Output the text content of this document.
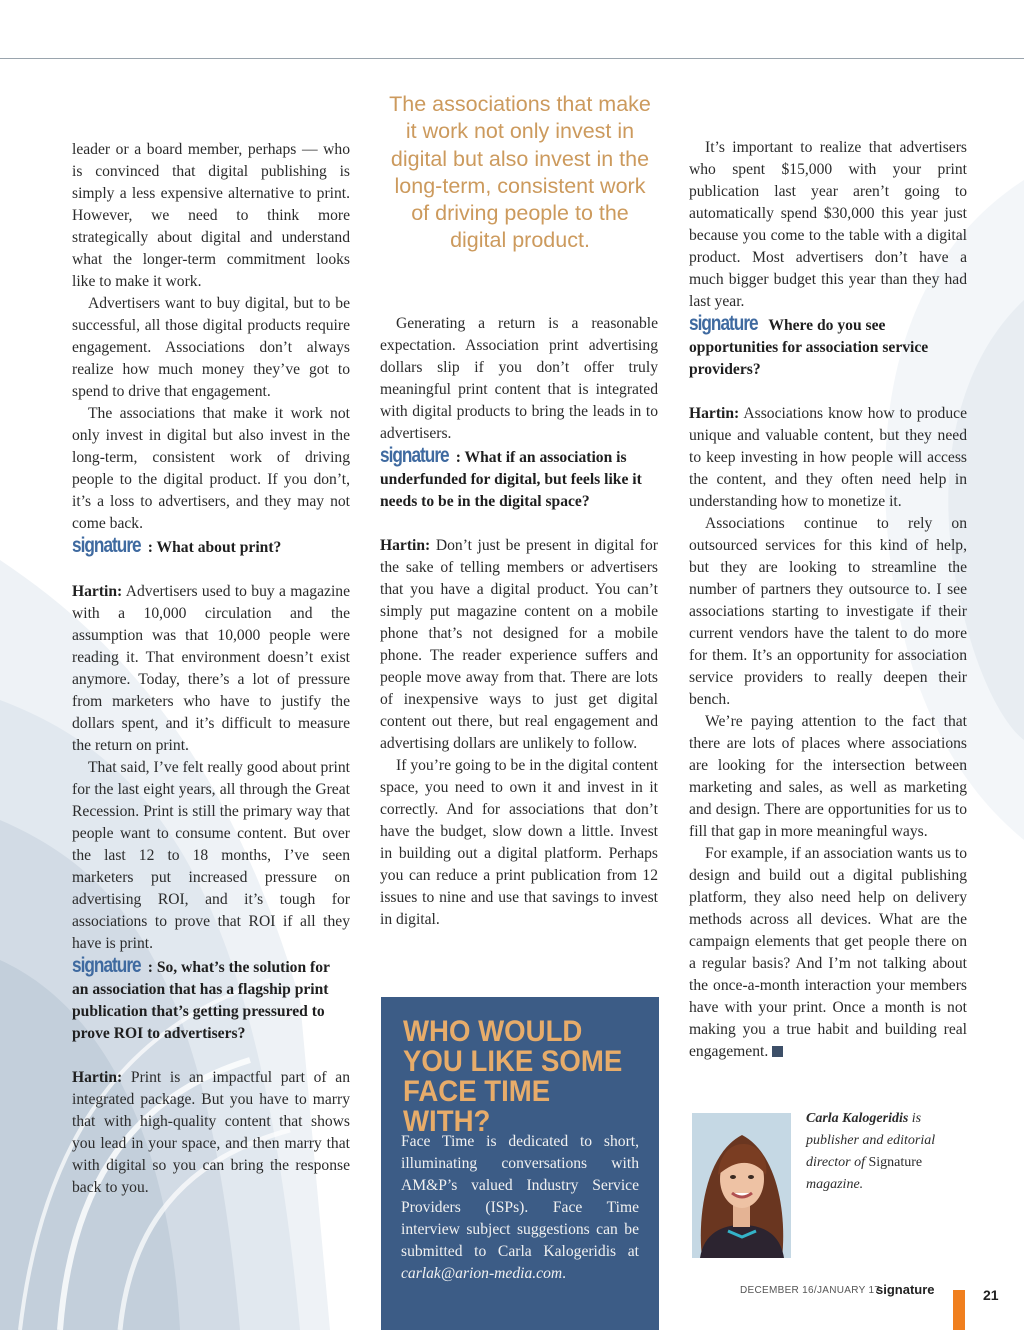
The associations that make it work not only invest in digital but also invest in the long-term, consistent work of driving people to the digital product.

leader or a board member, perhaps — who is convinced that digital publishing is simply a less expensive alternative to print. However, we need to think more strategically about digital and understand what the longer-term commitment looks like to make it work.

Advertisers want to buy digital, but to be successful, all those digital products require engagement. Associations don’t always realize how much money they’ve got to spend to drive that engagement.

The associations that make it work not only invest in digital but also invest in the long-term, consistent work of driving people to the digital product. If you don’t, it’s a loss to advertisers, and they may not come back.

signature : What about print?

Hartin: Advertisers used to buy a magazine with a 10,000 circulation and the assumption was that 10,000 people were reading it. That environment doesn’t exist anymore. Today, there’s a lot of pressure from marketers who have to justify the dollars spent, and it’s difficult to measure the return on print.

That said, I’ve felt really good about print for the last eight years, all through the Great Recession. Print is still the primary way that people want to consume content. But over the last 12 to 18 months, I’ve seen marketers put increased pressure on advertising ROI, and it’s tough for associations to prove that ROI if all they have is print.

signature : So, what’s the solution for an association that has a flagship print publication that’s getting pressured to prove ROI to advertisers?

Hartin: Print is an impactful part of an integrated package. But you have to marry that with high-quality content that shows you lead in your space, and then marry that with digital so you can bring the response back to you.

Generating a return is a reasonable expectation. Association print advertising dollars slip if you don’t offer truly meaningful print content that is integrated with digital products to bring the leads in to advertisers.

signature : What if an association is underfunded for digital, but feels like it needs to be in the digital space?

Hartin: Don’t just be present in digital for the sake of telling members or advertisers that you have a digital product. You can’t simply put magazine content on a mobile phone that’s not designed for a mobile phone. The reader experience suffers and people move away from that. There are lots of inexpensive ways to just get digital content out there, but real engagement and advertising dollars are unlikely to follow.

If you’re going to be in the digital content space, you need to own it and invest in it correctly. And for associations that don’t have the budget, slow down a little. Invest in building out a digital platform. Perhaps you can reduce a print publication from 12 issues to nine and use that savings to invest in digital.

It’s important to realize that advertisers who spent $15,000 with your print publication last year aren’t going to automatically spend $30,000 this year just because you come to the table with a digital product. Most advertisers don’t have a much bigger budget this year than they had last year.

signature Where do you see opportunities for association service providers?

Hartin: Associations know how to produce unique and valuable content, but they need to keep investing in how people will access the content, and they often need help in understanding how to monetize it.

Associations continue to rely on outsourced services for this kind of help, but they are looking to streamline the number of partners they outsource to. I see associations starting to investigate if their current vendors have the talent to do more for them. It’s an opportunity for association service providers to really deepen their bench.

We’re paying attention to the fact that there are lots of places where associations are looking for the intersection between marketing and sales, as well as marketing and design. There are opportunities for us to fill that gap in more meaningful ways.

For example, if an association wants us to design and build out a digital publishing platform, they also need help on delivery methods across all devices. What are the campaign elements that get people there on a regular basis? And I’m not talking about the once-a-month interaction your members have with your print. Once a month is not making you a true habit and building real engagement.

WHO WOULD YOU LIKE SOME FACE TIME WITH?
Face Time is dedicated to short, illuminating conversations with AM&P’s valued Industry Service Providers (ISPs). Face Time interview subject suggestions can be submitted to Carla Kalogeridis at carlak@arion-media.com.
Carla Kalogeridis is publisher and editorial director of Signature magazine.
DECEMBER 16/JANUARY 17
signature	21
